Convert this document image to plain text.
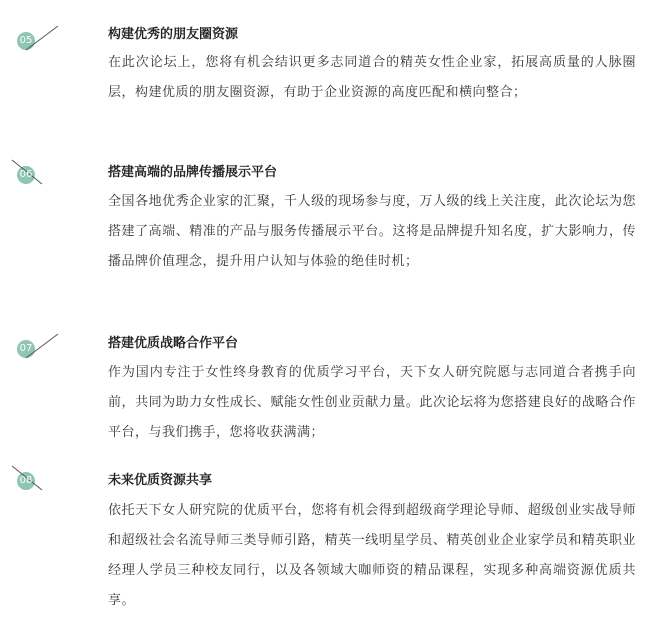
05	构建优秀的朋友圈资源
在此次论坛上，您将有机会结识更多志同道合的精英女性企业家，拓展高质量的人脉圈层，构建优质的朋友圈资源，有助于企业资源的高度匹配和横向整合；
06	搭建高端的品牌传播展示平台
全国各地优秀企业家的汇聚，千人级的现场参与度，万人级的线上关注度，此次论坛为您搭建了高端、精准的产品与服务传播展示平台。这将是品牌提升知名度，扩大影响力，传播品牌价值理念，提升用户认知与体验的绝佳时机；
07	搭建优质战略合作平台
作为国内专注于女性终身教育的优质学习平台，天下女人研究院愿与志同道合者携手向前，共同为助力女性成长、赋能女性创业贡献力量。此次论坛将为您搭建良好的战略合作平台，与我们携手，您将收获满满；
08	未来优质资源共享
依托天下女人研究院的优质平台，您将有机会得到超级商学理论导师、超级创业实战导师和超级社会名流导师三类导师引路，精英一线明星学员、精英创业企业家学员和精英职业经理人学员三种校友同行，以及各领域大咖师资的精品课程，实现多种高端资源优质共享。
